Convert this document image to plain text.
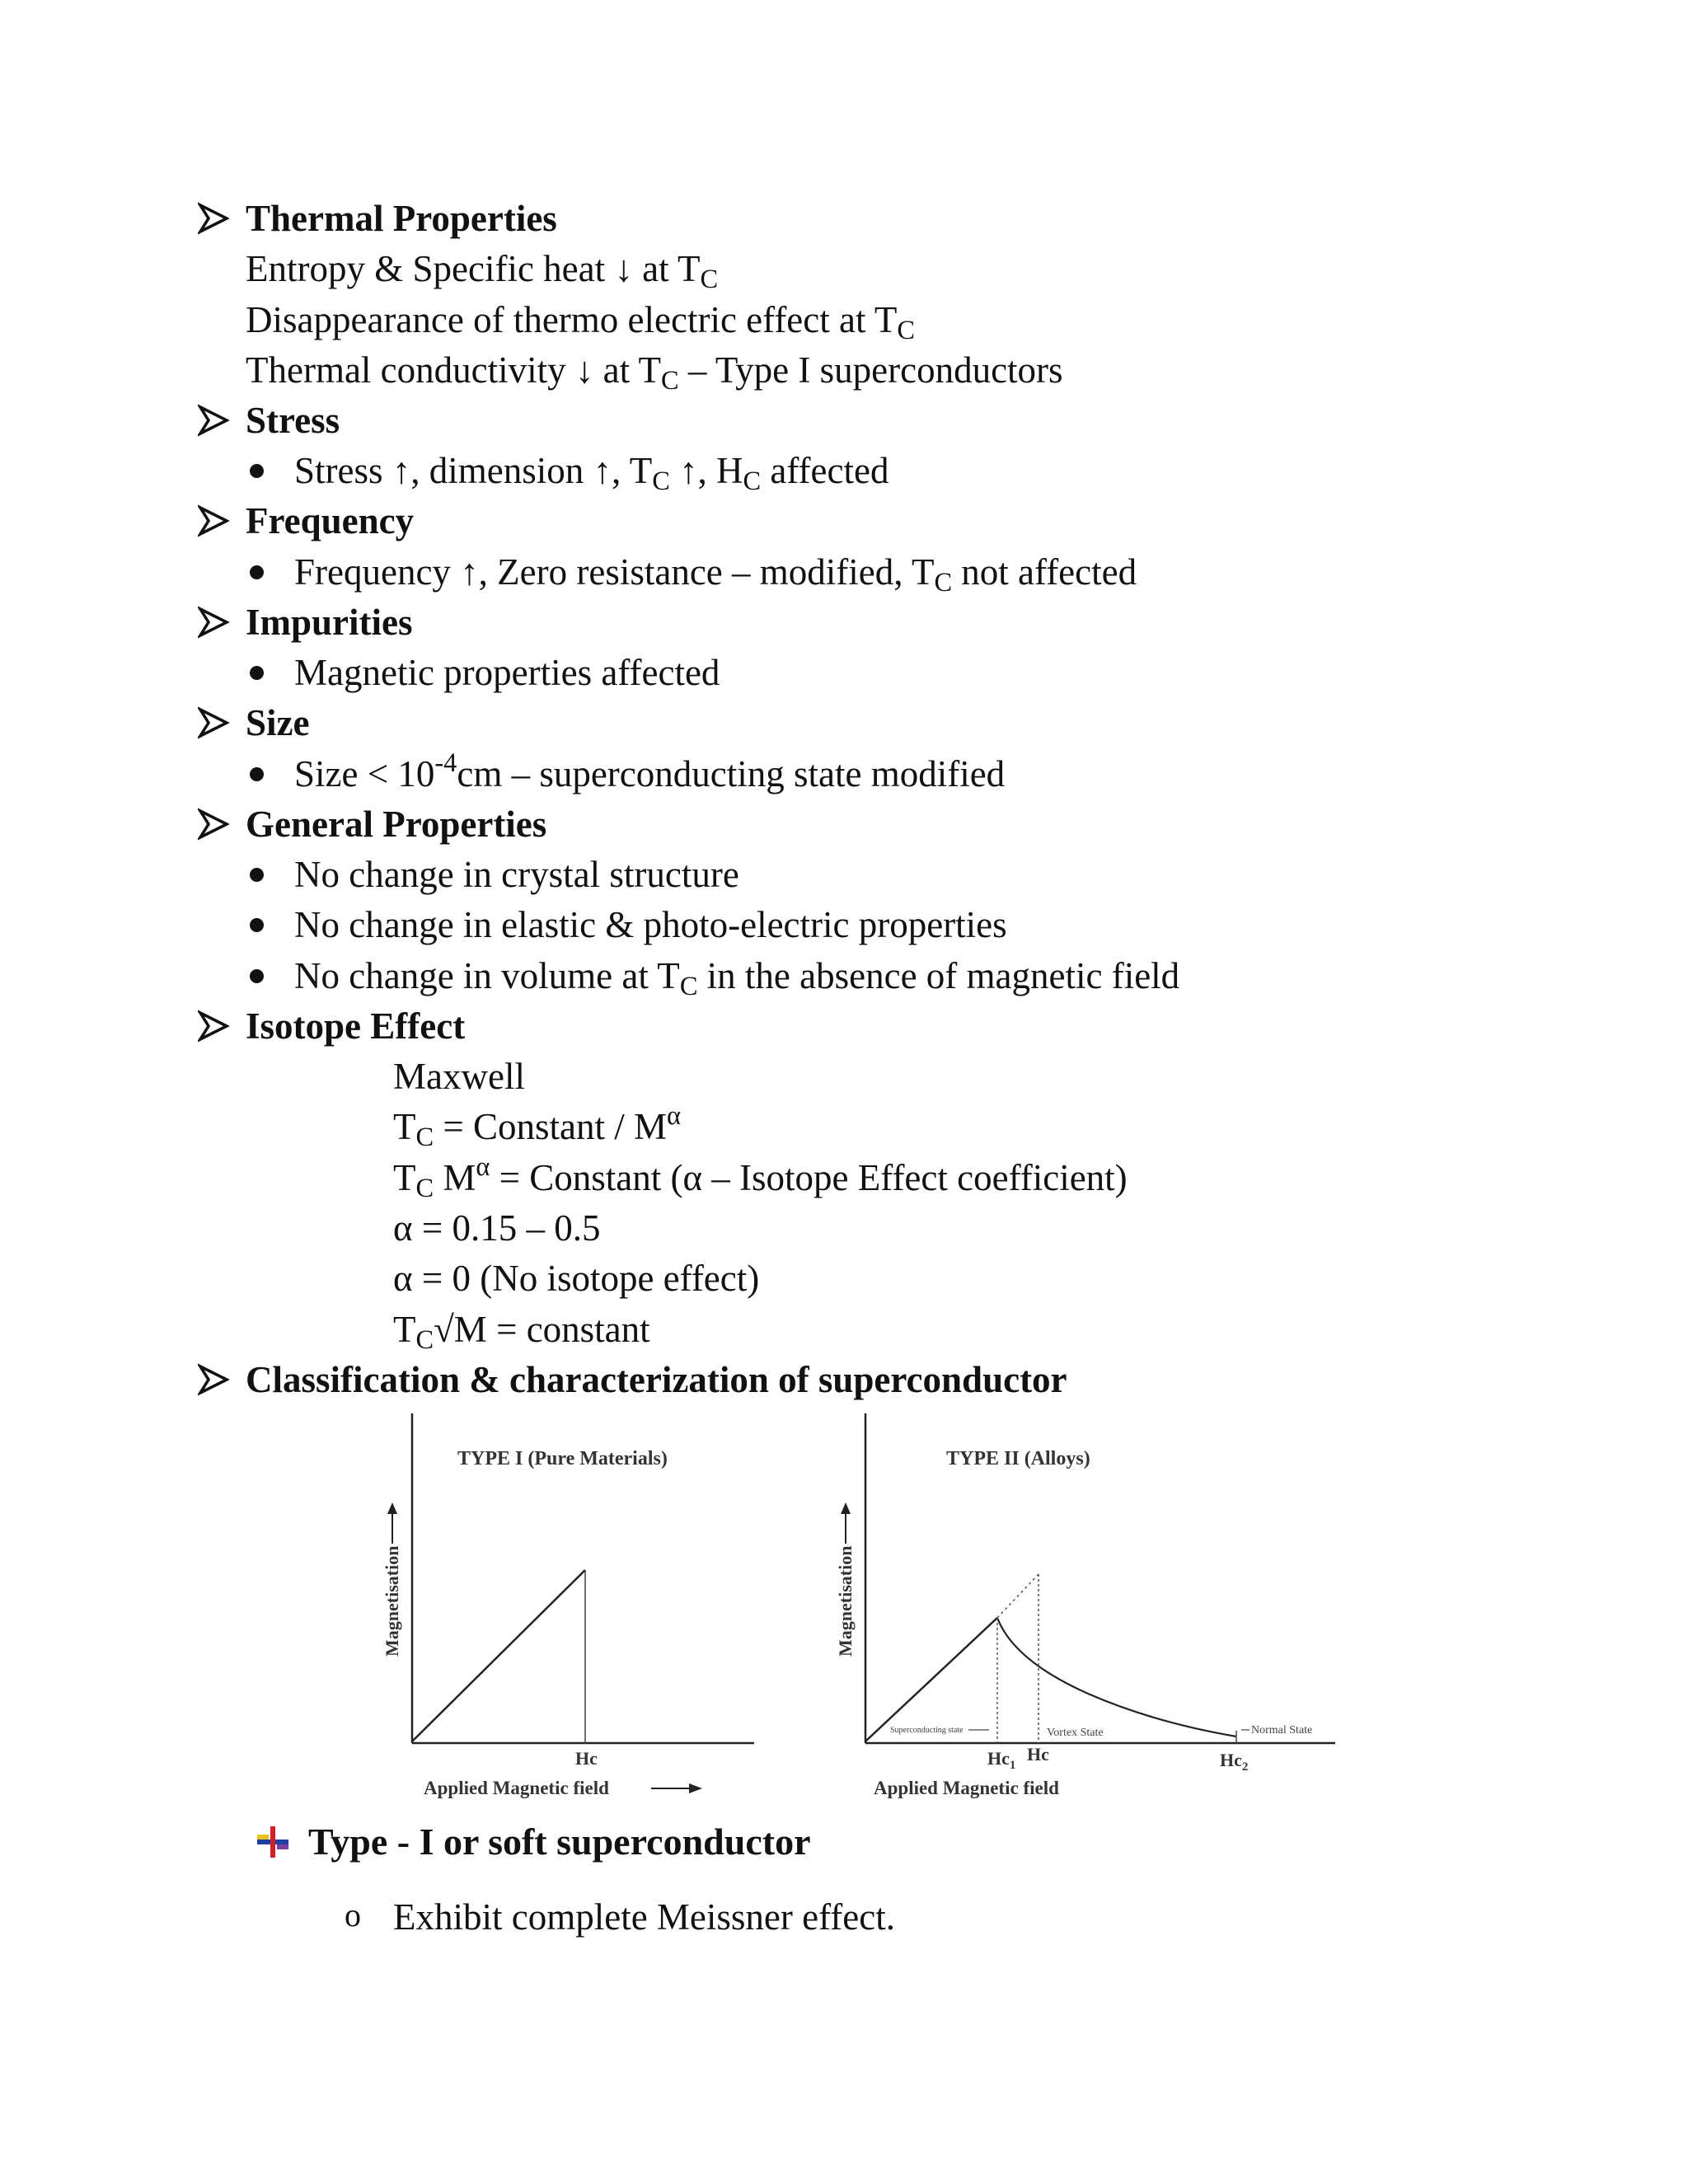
Thermal Properties
Entropy & Specific heat ↓ at $T_C$
Disappearance of thermo electric effect at $T_C$
Thermal conductivity ↓ at $T_C$ – Type I superconductors
Stress
Stress ↑, dimension ↑, $T_C$ ↑, $H_C$ affected
Frequency
Frequency ↑, Zero resistance – modified, $T_C$ not affected
Impurities
Magnetic properties affected
Size
Size < $10^{-4}cm$ – superconducting state modified
General Properties
No change in crystal structure
No change in elastic & photo-electric properties
No change in volume at $T_C$ in the absence of magnetic field
Isotope Effect
Maxwell
$T_C$ = Constant / $M^\alpha$
$T_C$ $M^\alpha$ = Constant (α – Isotope Effect coefficient)
α = 0.15 – 0.5
α = 0 (No isotope effect)
$T_C√M$ = constant
Classification & characterization of superconductor
TYPE I (Pure Materials)
Magnetisation
Hc
Applied Magnetic field
TYPE II (Alloys)
Magnetisation
Superconducting state	Vortex State	Normal State
$Hc_1$
Hc	$Hc_2$
Applied Magnetic field
Type - I or soft superconductor
o Exhibit complete Meissner effect.
